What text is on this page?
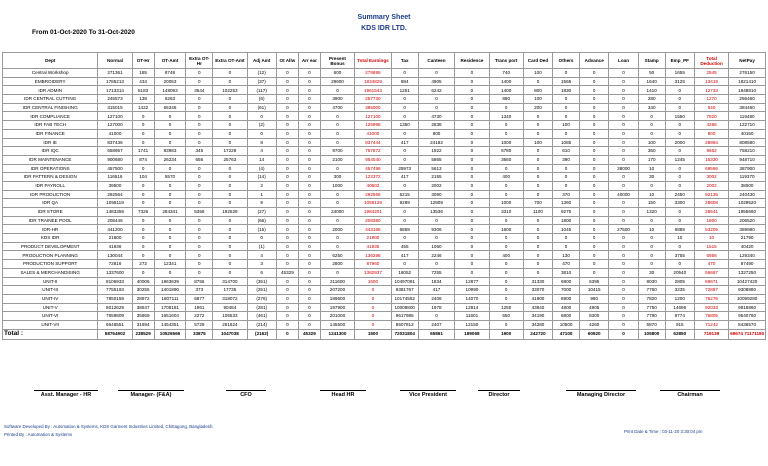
Summary Sheet
KDS IDR LTD.
From 01-Oct-2020 To 31-Oct-2020
Dept	Normal	OT-Hr	OT-Amt	Extra OT-Hr	Extra OT-Amt	Adj Amt	Ot Allw	Arr ear	Present Bonus	Total Earnings	Tax	Canteen	Residence	Trans port	Card Ded	Others	Advance	Loan	Stamp	Emp_PF	Total Deduction	NetPay
Central Workshop	271361	185	8748	0	0	(12)	0	0	600	278695	0	0	0	740	100	0	0	0	50	1655	2545	276150
EMBROIDERY	1785213	434	20053	0	0	(37)	0	0	29600	1834829	884	4905	0	1400	0	1565	0	0	1640	3125	13419	1821410
IDR ADMIN	1713314	5183	148093	3544	102253	(117)	0	0	0	1961543	1251	6242	0	1400	800	1830	0	0	1410	0	12733	1948810
IDR CENTRAL CUTTING	245573	138	6263	0	0	(6)	0	0	3900	257730	0	0	0	880	100	0	0	0	280	0	1270	256460
IDR CENTRAL FINISHING	315015	1422	65346	0	0	(61)	0	0	4700	385000	0	0	0	0	200	0	0	0	340	0	540	384460
IDR COMPLIANCE	127100	0	0	0	0	0	0	0	0	127100	0	4730	0	1340	0	0	0	0	0	1550	7620	119480
IDR FAB TECH	127000	0	0	0	0	(2)	0	0	0	126998	1350	2838	0	0	0	100	0	0	0	0	4288	122710
IDR FINANCE	41000	0	0	0	0	0	0	0	0	41000	0	800	0	0	0	0	0	0	0	0	800	40150
IDR IE	837436	0	0	0	0	8	0	0	0	837444	417	24182	0	1000	100	1085	0	0	100	2000	28884	808580
IDR IQC	658957	1741	83983	345	17228	4	0	0	9700	767872	0	1922	0	6780	0	610	0	0	350	0	9662	758210
IDR MAINTENANCE	900680	874	26234	656	25763	14	0	0	2100	954040	0	5865	0	3660	0	390	0	0	170	1245	15330	948710
IDR OPERATIONS	457500	0	0	0	0	(4)	0	0	0	457496	25973	5613	0	0	0	0	0	38000	10	0	69596	387900
IDR PATTERN & DESIGN	116516	104	5570	0	0	(14)	0	0	300	122372	417	2155	0	400	0	0	0	0	30	0	3002	119370
IDR PAYROLL	39500	0	0	0	0	2	0	0	1000	40502	0	2002	0	0	0	0	0	0	0	0	2002	38500
IDR PRODUCTION	292564	0	0	0	0	1	0	0	0	292565	6215	3090	0	0	0	370	0	40000	10	2450	52135	240430
IDR QA	1058119	0	0	0	0	9	0	0	0	1058128	9289	12809	0	1000	700	1360	0	0	150	3300	28608	1029520
IDR STORE	1483359	7326	284341	5358	192528	(27)	0	0	24000	1984201	0	13536	0	3310	1100	9275	0	0	1320	0	28541	1955660
IDR TRAINEE POOL	208446	0	0	0	0	(66)	0	0	0	208380	0	0	0	0	0	1800	0	0	0	0	1800	206520
IDR-HR	441200	0	0	0	0	(15)	0	0	2000	443185	6859	9306	0	1600	0	1045	0	27500	10	6885	53205	389980
KDS IDR	21800	0	0	0	0	0	0	0	0	21800	0	0	0	0	0	0	0	0	0	10	10	21790
PRODUCT DEVELOPMENT	41936	0	0	0	0	(1)	0	0	0	41935	455	1060	0	0	0	0	0	0	0	0	1515	40420
PRODUCTION PLANNING	130044	0	0	0	0	4	0	0	6250	136298	417	2246	0	400	0	130	0	0	0	3755	6958	129340
PRODUCTION SUPPORT	72816	272	12341	0	0	3	0	0	2800	87960	0	0	0	0	0	470	0	0	0	0	470	87490
SALES & MERCHANDISING	1337600	0	0	0	0	6	45329	0	0	1382937	18052	7255	0	0	0	3810	0	0	30	20540	56687	1327250
UNIT-II	8106933	40006	1863639	8756	314700	(351)	0	0	211600	1500	10497091	1834	12877	0	31330	6800	6395	0	8030	2805	69671	10427420
UNIT-III	7755193	30255	1401890	373	17735	(251)	0	0	207200	0	9381767	417	10990	0	33070	7000	10415	0	7760	3235	72887	9308880
UNIT-IV	7850159	28972	1807111	6877	318072	(276)	0	0	189600	0	10174552	2406	14070	0	41900	6900	980	0	7820	1200	75276	10099280
UNIT-V	8012629	38547	1708181	1961	90484	(281)	0	0	197900	0	10008800	1978	12814	1250	43840	4800	4905	0	7750	14696	92033	9916860
UNIT-VI	7659809	35869	1651604	2272	105533	(461)	0	0	201000	0	9617985	0	11601	650	34190	6800	8300	0	7790	9774	76805	9540760
UNIT-VII	6646551	31694	1454351	5729	261624	(214)	0	0	145500	0	8507812	2407	12150	0	34280	10500	4260	0	6870	915	71242	8436570
Total :	58764902	238529	10526566	33875	1047038	(2162)	0	45329	1241300	1500	72031804	65861	189068	1900	242720	47100	60920	0	105800	62850	719139	69674 71171180
Asst. Manager - HR	Manager- (F&A)	CFO	Head HR	Vice President	Director	Managing Director	Chairman
Software Developed By : Automation & Systems, KDS Garment Industries Limited, Chittagong, Bangladesh.
Printed By : Automation & Systems
Print Date & Time : 03-11-20 3:30:04 pm
